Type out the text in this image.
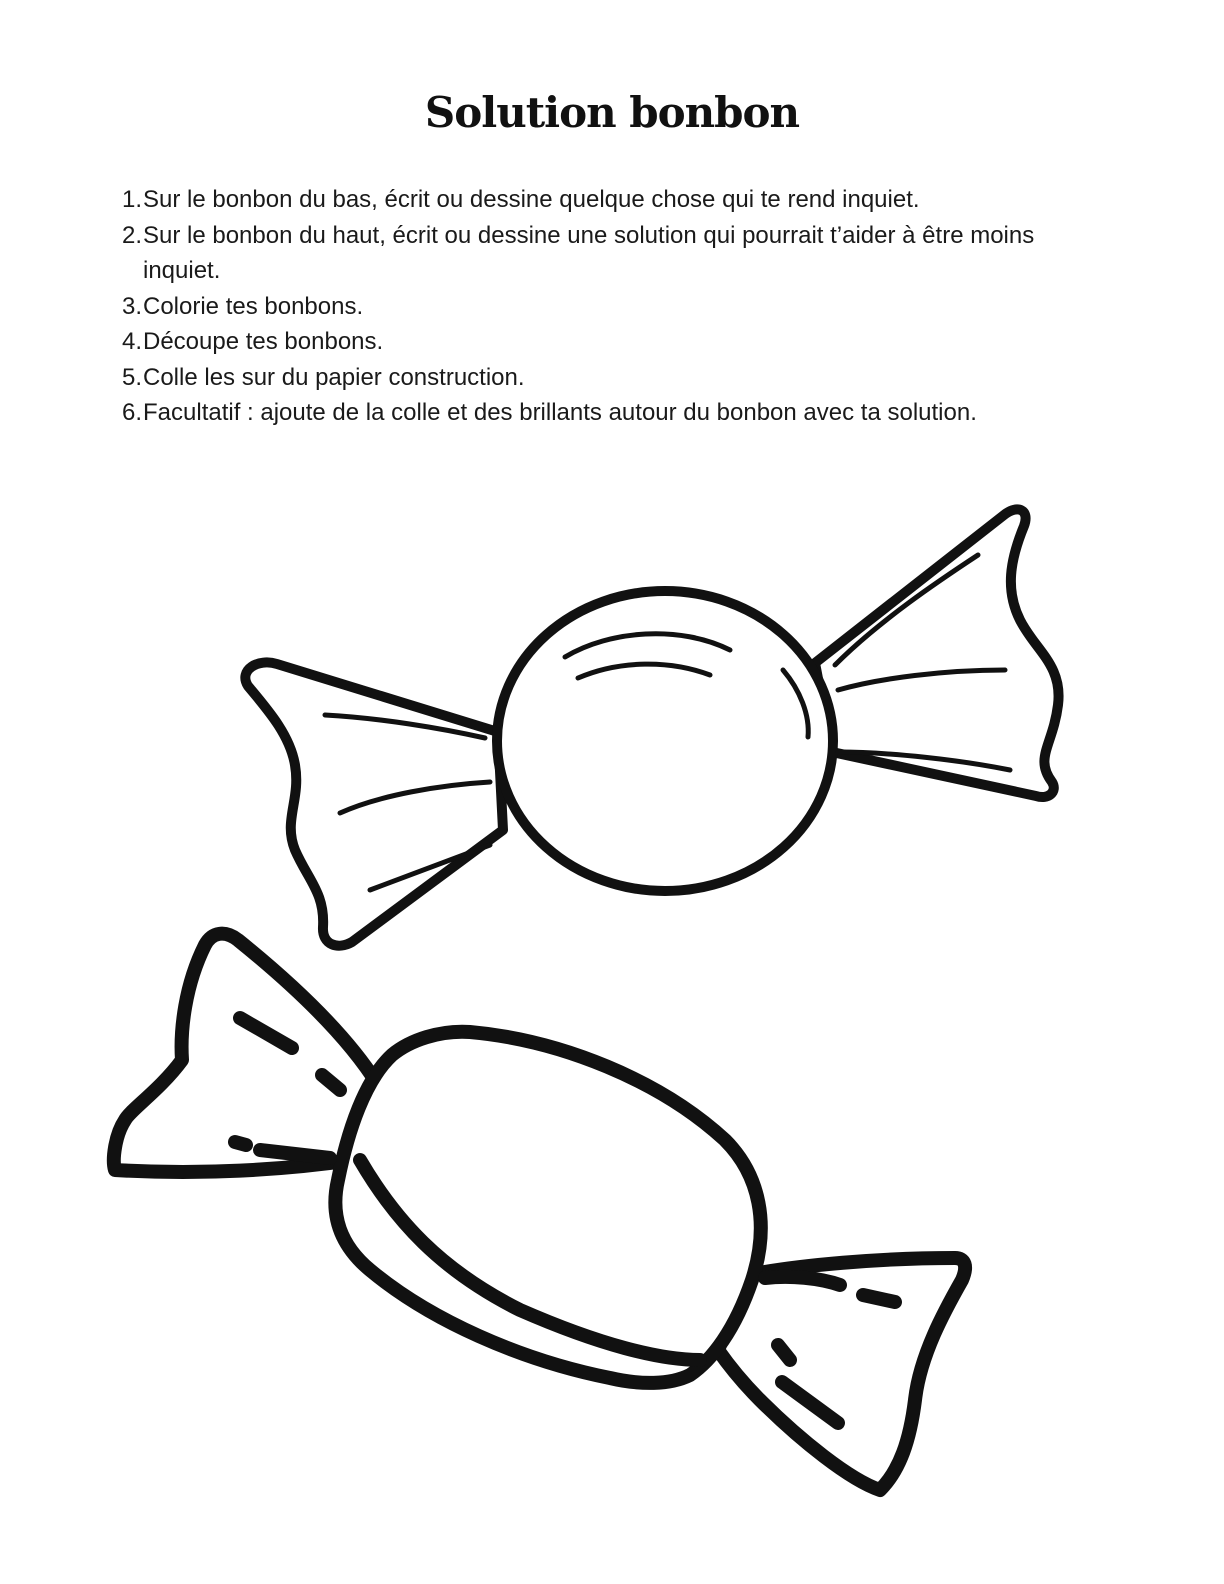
Solution bonbon
1. Sur le bonbon du bas, écrit ou dessine quelque chose qui te rend inquiet.
2. Sur le bonbon du haut, écrit ou dessine une solution qui pourrait t’aider à être moins inquiet.
3. Colorie tes bonbons.
4. Découpe tes bonbons.
5. Colle les sur du papier construction.
6. Facultatif : ajoute de la colle et des brillants autour du bonbon avec ta solution.
